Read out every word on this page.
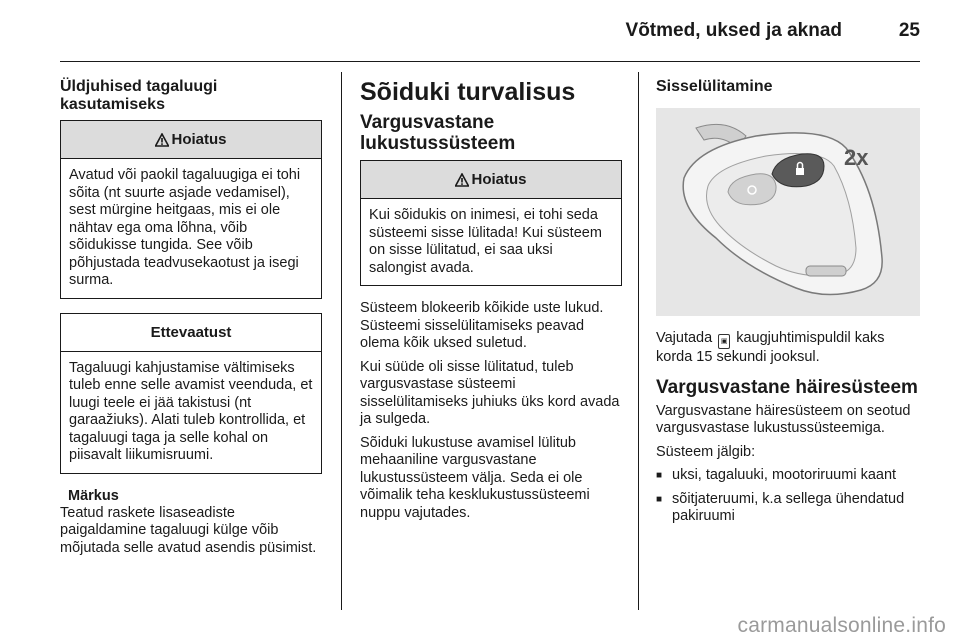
Võtmed, uksed ja aknad	25
Üldjuhised tagaluugi kasutamiseks
Hoiatus
Avatud või paokil tagaluugiga ei tohi sõita (nt suurte asjade vedamisel), sest mürgine heitgaas, mis ei ole nähtav ega oma lõhna, võib sõidukisse tungida. See võib põhjustada teadvusekaotust ja isegi surma.
Ettevaatust
Tagaluugi kahjustamise vältimiseks tuleb enne selle avamist veenduda, et luugi teele ei jää takistusi (nt garaažiuks). Alati tuleb kontrollida, et tagaluugi taga ja selle kohal on piisavalt liikumisruumi.
Märkus

Teatud raskete lisaseadiste paigaldamine tagaluugi külge võib mõjutada selle avatud asendis püsimist.

Sõiduki turvalisus
Vargusvastane lukustussüsteem
Hoiatus
Kui sõidukis on inimesi, ei tohi seda süsteemi sisse lülitada! Kui süsteem on sisse lülitatud, ei saa uksi salongist avada.

Süsteem blokeerib kõikide uste lukud. Süsteemi sisselülitamiseks peavad olema kõik uksed suletud.

Kui süüde oli sisse lülitatud, tuleb vargusvastase süsteemi sisselülitamiseks juhiuks üks kord avada ja sulgeda.

Sõiduki lukustuse avamisel lülitub mehaaniline vargusvastane lukustussüsteem välja. Seda ei ole võimalik teha kesklukustussüsteemi nuppu vajutades.

Sisselülitamine
2x

Vajutada ▣ kaugjuhtimispuldil kaks korda 15 sekundi jooksul.

Vargusvastane häiresüsteem

Vargusvastane häiresüsteem on seotud vargusvastase lukustussüsteemiga.

Süsteem jälgib:

■ uksi, tagaluuki, mootoriruumi kaant
■ sõitjateruumi, k.a sellega ühendatud pakiruumi
carmanualsonline.info
